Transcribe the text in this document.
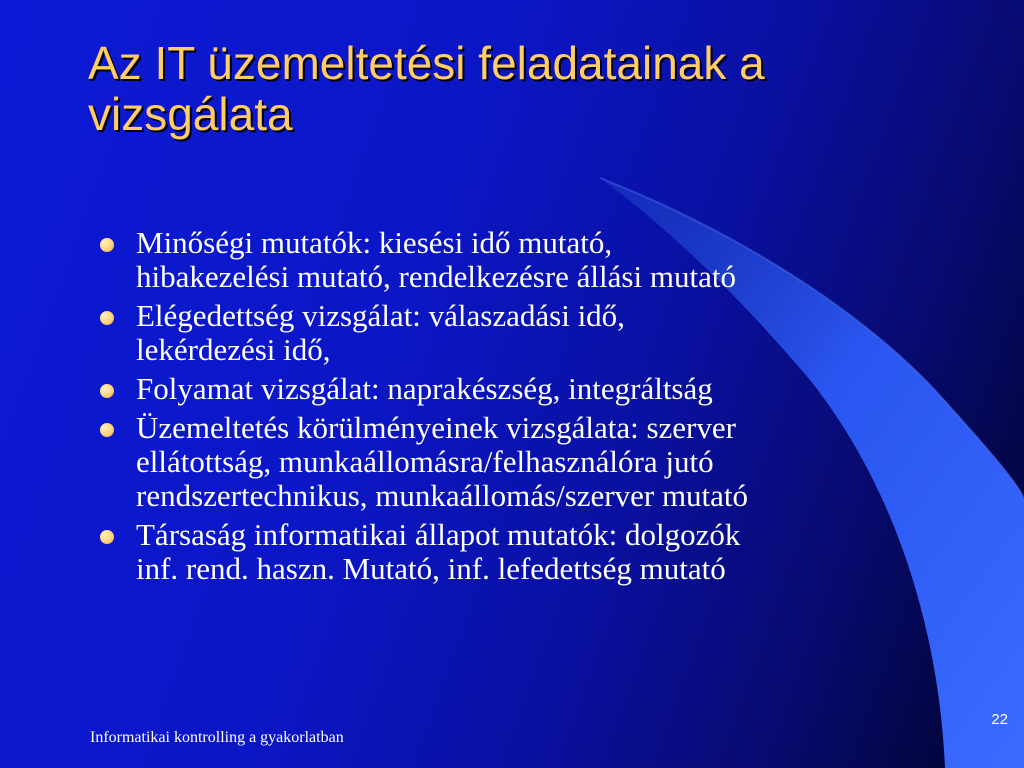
Az IT üzemeltetési feladatainak a
vizsgálata
Minőségi mutatók: kiesési idő mutató,
hibakezelési mutató, rendelkezésre állási mutató
Elégedettség vizsgálat: válaszadási idő,
lekérdezési idő,
Folyamat vizsgálat: naprakészség, integráltság
Üzemeltetés körülményeinek vizsgálata: szerver
ellátottság, munkaállomásra/felhasználóra jutó
rendszertechnikus, munkaállomás/szerver mutató
Társaság informatikai állapot mutatók: dolgozók
inf. rend. haszn. Mutató, inf. lefedettség mutató
Informatikai kontrolling a gyakorlatban
22
